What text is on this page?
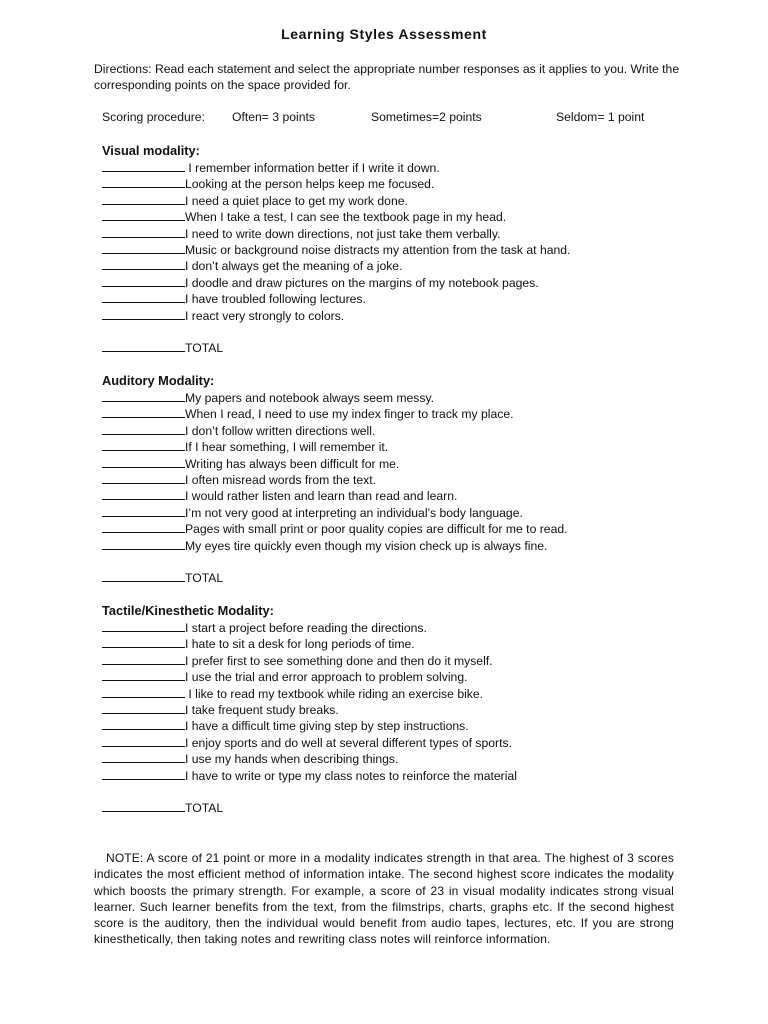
Learning Styles Assessment
Directions: Read each statement and select the appropriate number responses as it applies to you. Write the corresponding points on the space provided for.
Scoring procedure: Often= 3 points	Sometimes=2 points	Seldom= 1 point
Visual modality:
I remember information better if I write it down.
Looking at the person helps keep me focused.
I need a quiet place to get my work done.
When I take a test, I can see the textbook page in my head.
I need to write down directions, not just take them verbally.
Music or background noise distracts my attention from the task at hand.
I don’t always get the meaning of a joke.
I doodle and draw pictures on the margins of my notebook pages.
I have troubled following lectures.
I react very strongly to colors.
TOTAL
Auditory Modality:
My papers and notebook always seem messy.
When I read, I need to use my index finger to track my place.
I don’t follow written directions well.
If I hear something, I will remember it.
Writing has always been difficult for me.
I often misread words from the text.
I would rather listen and learn than read and learn.
I’m not very good at interpreting an individual’s body language.
Pages with small print or poor quality copies are difficult for me to read.
My eyes tire quickly even though my vision check up is always fine.
TOTAL
Tactile/Kinesthetic Modality:
I start a project before reading the directions.
I hate to sit a desk for long periods of time.
I prefer first to see something done and then do it myself.
I use the trial and error approach to problem solving.
I like to read my textbook while riding an exercise bike.
I take frequent study breaks.
I have a difficult time giving step by step instructions.
I enjoy sports and do well at several different types of sports.
I use my hands when describing things.
I have to write or type my class notes to reinforce the material
TOTAL
NOTE: A score of 21 point or more in a modality indicates strength in that area. The highest of 3 scores indicates the most efficient method of information intake. The second highest score indicates the modality which boosts the primary strength. For example, a score of 23 in visual modality indicates strong visual learner. Such learner benefits from the text, from the filmstrips, charts, graphs etc. If the second highest score is the auditory, then the individual would benefit from audio tapes, lectures, etc. If you are strong kinesthetically, then taking notes and rewriting class notes will reinforce information.
